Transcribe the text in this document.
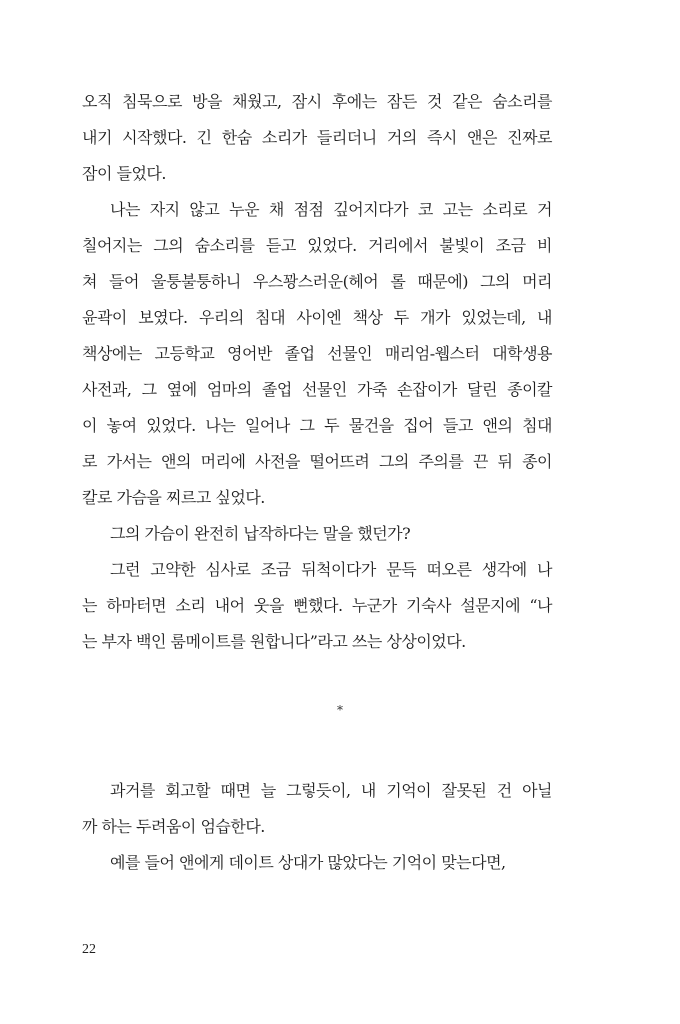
오직 침묵으로 방을 채웠고, 잠시 후에는 잠든 것 같은 숨소리를
내기 시작했다. 긴 한숨 소리가 들리더니 거의 즉시 앤은 진짜로
잠이 들었다.
나는 자지 않고 누운 채 점점 깊어지다가 코 고는 소리로 거
칠어지는 그의 숨소리를 듣고 있었다. 거리에서 불빛이 조금 비
쳐 들어 울퉁불퉁하니 우스꽝스러운(헤어 롤 때문에) 그의 머리
윤곽이 보였다. 우리의 침대 사이엔 책상 두 개가 있었는데, 내
책상에는 고등학교 영어반 졸업 선물인 매리엄-웹스터 대학생용
사전과, 그 옆에 엄마의 졸업 선물인 가죽 손잡이가 달린 종이칼
이 놓여 있었다. 나는 일어나 그 두 물건을 집어 들고 앤의 침대
로 가서는 앤의 머리에 사전을 떨어뜨려 그의 주의를 끈 뒤 종이
칼로 가슴을 찌르고 싶었다.
그의 가슴이 완전히 납작하다는 말을 했던가?
그런 고약한 심사로 조금 뒤척이다가 문득 떠오른 생각에 나
는 하마터면 소리 내어 웃을 뻔했다. 누군가 기숙사 설문지에 “나
는 부자 백인 룸메이트를 원합니다”라고 쓰는 상상이었다.
*
과거를 회고할 때면 늘 그렇듯이, 내 기억이 잘못된 건 아닐
까 하는 두려움이 엄습한다.
예를 들어 앤에게 데이트 상대가 많았다는 기억이 맞는다면,
22
